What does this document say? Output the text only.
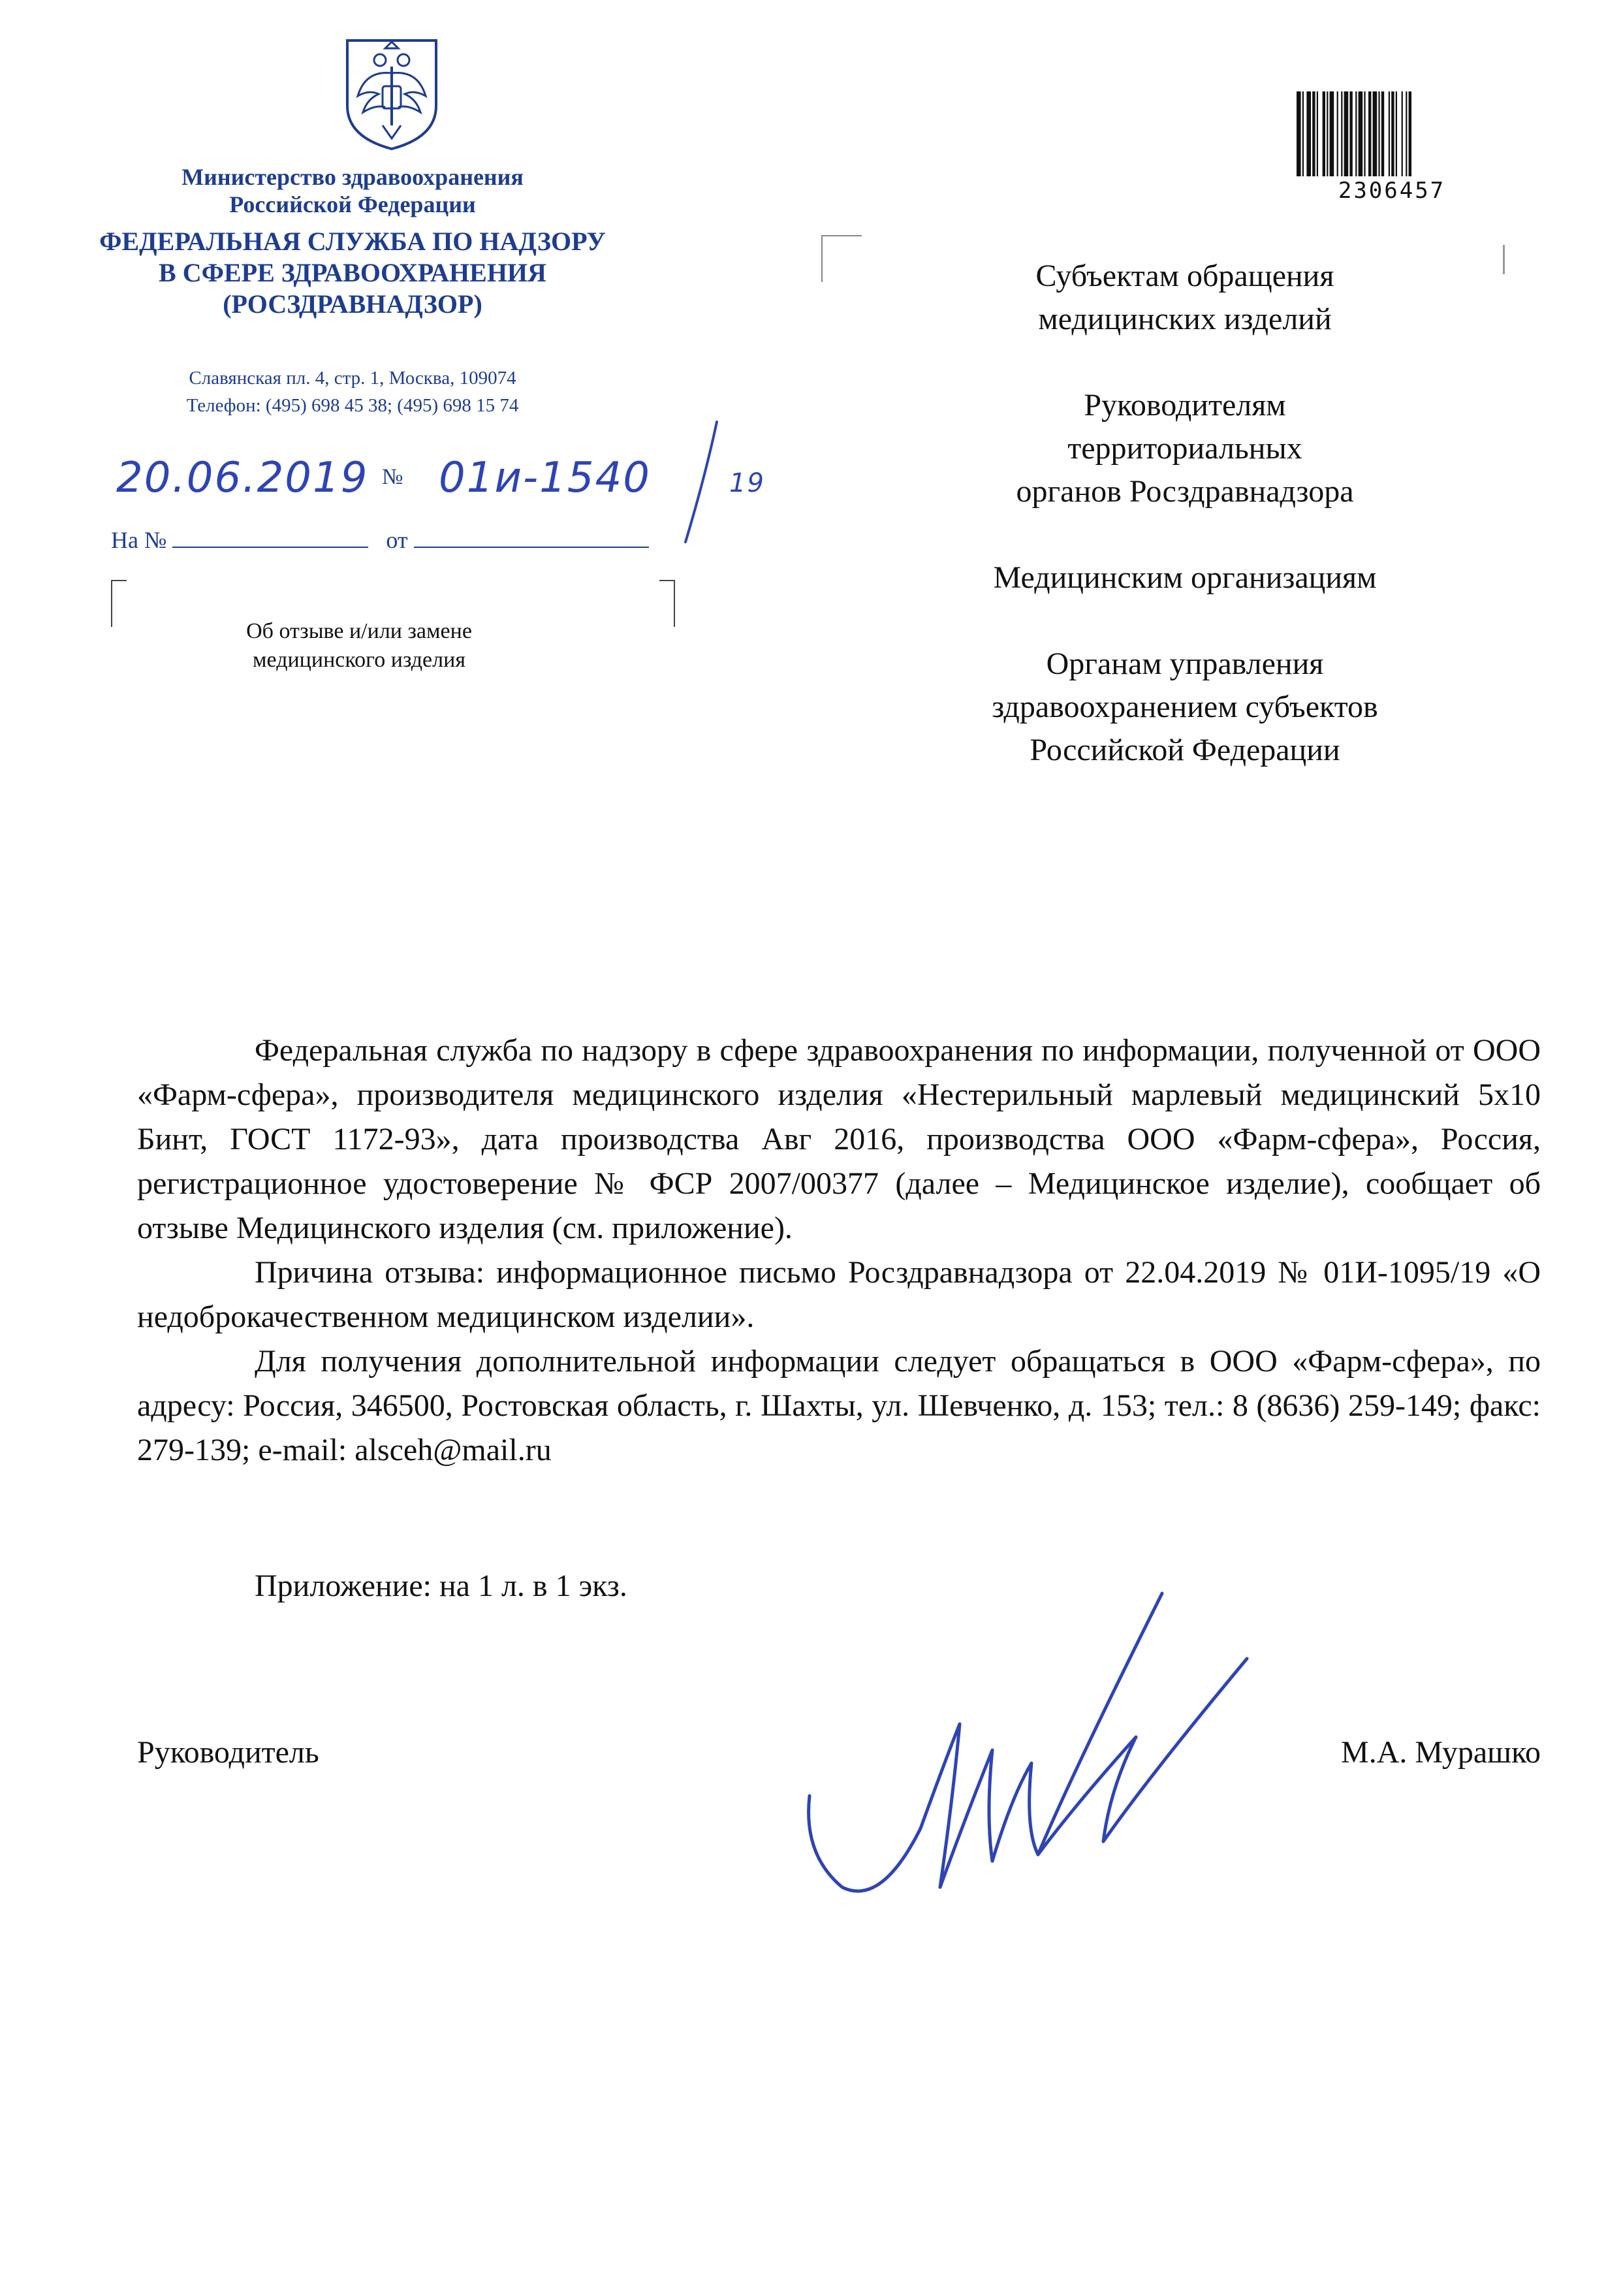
Министерство здравоохранения
Российской Федерации
ФЕДЕРАЛЬНАЯ СЛУЖБА ПО НАДЗОРУ
В СФЕРЕ ЗДРАВООХРАНЕНИЯ
(РОСЗДРАВНАДЗОР)
Славянская пл. 4, стр. 1, Москва, 109074
Телефон: (495) 698 45 38; (495) 698 15 74
20.06.2019 № 01и-1540	19
На №	от
Об отзыве и/или замене
медицинского изделия
2306457
Субъектам обращения
медицинских изделий
Руководителям
территориальных
органов Росздравнадзора
Медицинским организациям
Органам управления
здравоохранением субъектов
Российской Федерации

Федеральная служба по надзору в сфере здравоохранения по информации, полученной от ООО «Фарм-сфера», производителя медицинского изделия «Нестерильный марлевый медицинский 5х10 Бинт, ГОСТ 1172-93», дата производства Авг 2016, производства ООО «Фарм-сфера», Россия, регистрационное удостоверение № ФСР 2007/00377 (далее – Медицинское изделие), сообщает об отзыве Медицинского изделия (см. приложение).

Причина отзыва: информационное письмо Росздравнадзора от 22.04.2019 № 01И-1095/19 «О недоброкачественном медицинском изделии».

Для получения дополнительной информации следует обращаться в ООО «Фарм-сфера», по адресу: Россия, 346500, Ростовская область, г. Шахты, ул. Шевченко, д. 153; тел.: 8 (8636) 259-149; факс: 279-139; e-mail: alsceh@mail.ru

Приложение: на 1 л. в 1 экз.
Руководитель	М.А. Мурашко
